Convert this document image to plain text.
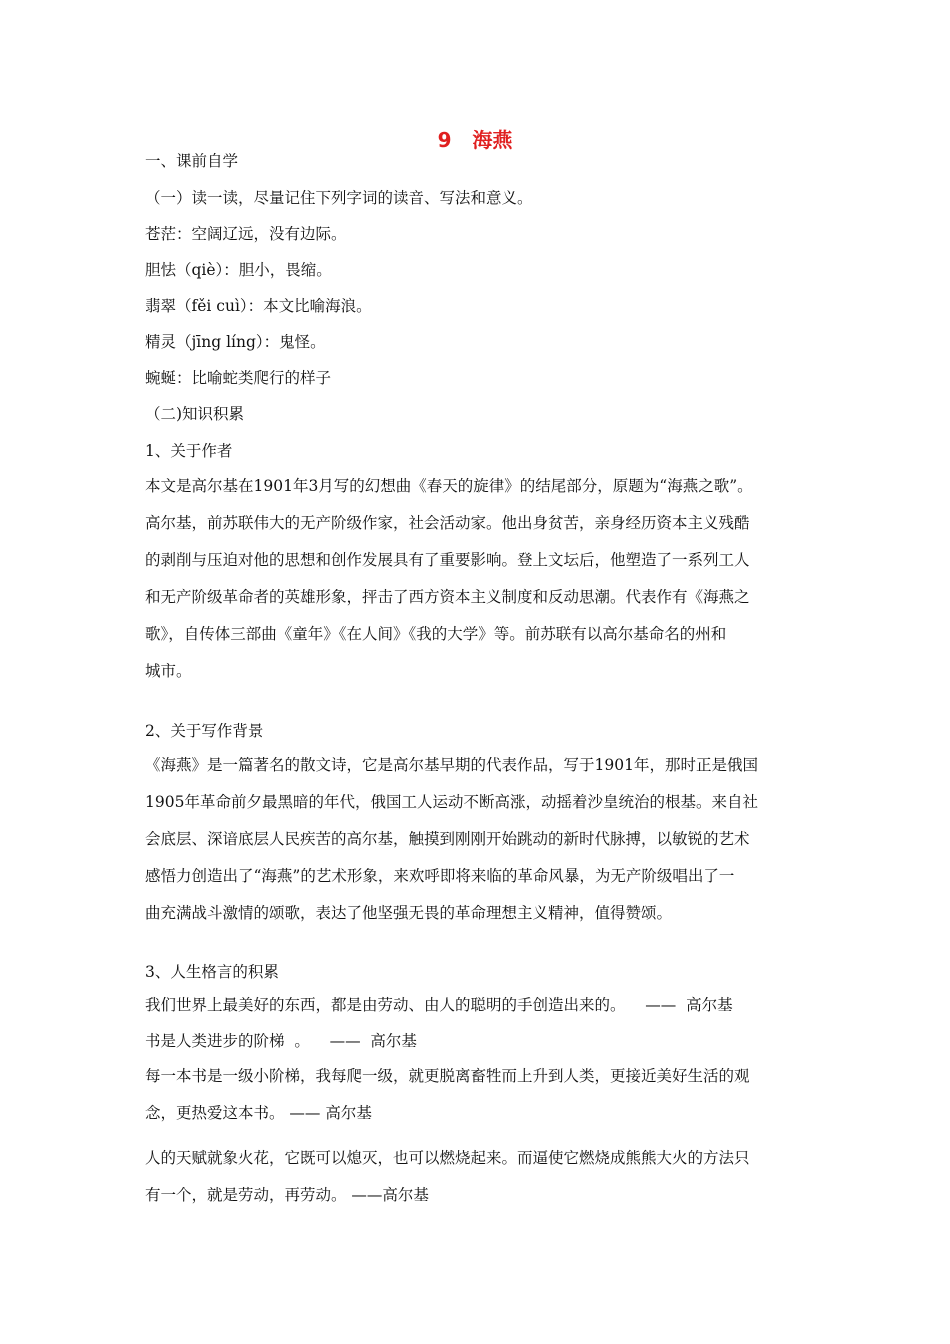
9   海燕
一、课前自学
（一）读一读，尽量记住下列字词的读音、写法和意义。
苍茫：空阔辽远，没有边际。
胆怯（qiè）：胆小，畏缩。
翡翠（fěi cuì）：本文比喻海浪。
精灵（jīng líng）：鬼怪。
蜿蜒：比喻蛇类爬行的样子
（二)知识积累
1、关于作者
本文是高尔基在1901年3月写的幻想曲《春天的旋律》的结尾部分，原题为“海燕之歌”。
高尔基，前苏联伟大的无产阶级作家，社会活动家。他出身贫苦，亲身经历资本主义残酷
的剥削与压迫对他的思想和创作发展具有了重要影响。登上文坛后，他塑造了一系列工人
和无产阶级革命者的英雄形象，抨击了西方资本主义制度和反动思潮。代表作有《海燕之
歌》，自传体三部曲《童年》《在人间》《我的大学》等。前苏联有以高尔基命名的州和
城市。
2、关于写作背景
《海燕》是一篇著名的散文诗，它是高尔基早期的代表作品，写于1901年，那时正是俄国
1905年革命前夕最黑暗的年代，俄国工人运动不断高涨，动摇着沙皇统治的根基。来自社
会底层、深谙底层人民疾苦的高尔基，触摸到刚刚开始跳动的新时代脉搏，以敏锐的艺术
感悟力创造出了“海燕”的艺术形象，来欢呼即将来临的革命风暴，为无产阶级唱出了一
曲充满战斗激情的颂歌，表达了他坚强无畏的革命理想主义精神，值得赞颂。
3、人生格言的积累
我们世界上最美好的东西，都是由劳动、由人的聪明的手创造出来的。    ——  高尔基
书是人类进步的阶梯  。    ——  高尔基
每一本书是一级小阶梯，我每爬一级，就更脱离畜牲而上升到人类，更接近美好生活的观
念，更热爱这本书。 —— 高尔基
人的天赋就象火花，它既可以熄灭，也可以燃烧起来。而逼使它燃烧成熊熊大火的方法只
有一个，就是劳动，再劳动。 ——高尔基
